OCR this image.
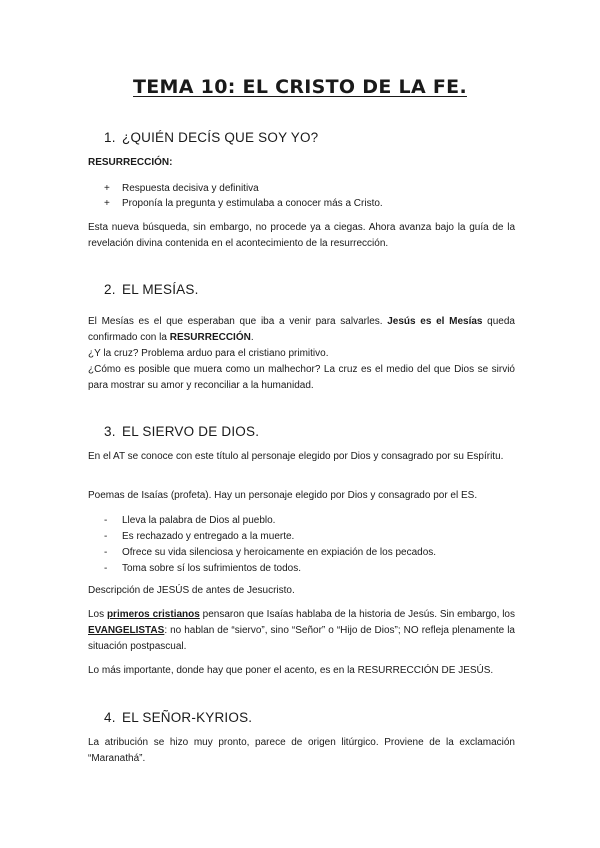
TEMA 10: EL CRISTO DE LA FE.
1. ¿QUIÉN DECÍS QUE SOY YO?
RESURRECCIÓN:
+ Respuesta decisiva y definitiva
+ Proponía la pregunta y estimulaba a conocer más a Cristo.
Esta nueva búsqueda, sin embargo, no procede ya a ciegas. Ahora avanza bajo la guía de la revelación divina contenida en el acontecimiento de la resurrección.
2. EL MESÍAS.
El Mesías es el que esperaban que iba a venir para salvarles. Jesús es el Mesías queda confirmado con la RESURRECCIÓN.
¿Y la cruz? Problema arduo para el cristiano primitivo.
¿Cómo es posible que muera como un malhechor? La cruz es el medio del que Dios se sirvió para mostrar su amor y reconciliar a la humanidad.
3. EL SIERVO DE DIOS.
En el AT se conoce con este título al personaje elegido por Dios y consagrado por su Espíritu.
Poemas de Isaías (profeta). Hay un personaje elegido por Dios y consagrado por el ES.
- Lleva la palabra de Dios al pueblo.
- Es rechazado y entregado a la muerte.
- Ofrece su vida silenciosa y heroicamente en expiación de los pecados.
- Toma sobre sí los sufrimientos de todos.
Descripción de JESÚS de antes de Jesucristo.
Los primeros cristianos pensaron que Isaías hablaba de la historia de Jesús. Sin embargo, los EVANGELISTAS: no hablan de “siervo”, sino “Señor” o “Hijo de Dios”; NO refleja plenamente la situación postpascual.
Lo más importante, donde hay que poner el acento, es en la RESURRECCIÓN DE JESÚS.
4. EL SEÑOR-KYRIOS.
La atribución se hizo muy pronto, parece de origen litúrgico. Proviene de la exclamación “Maranathá”.
